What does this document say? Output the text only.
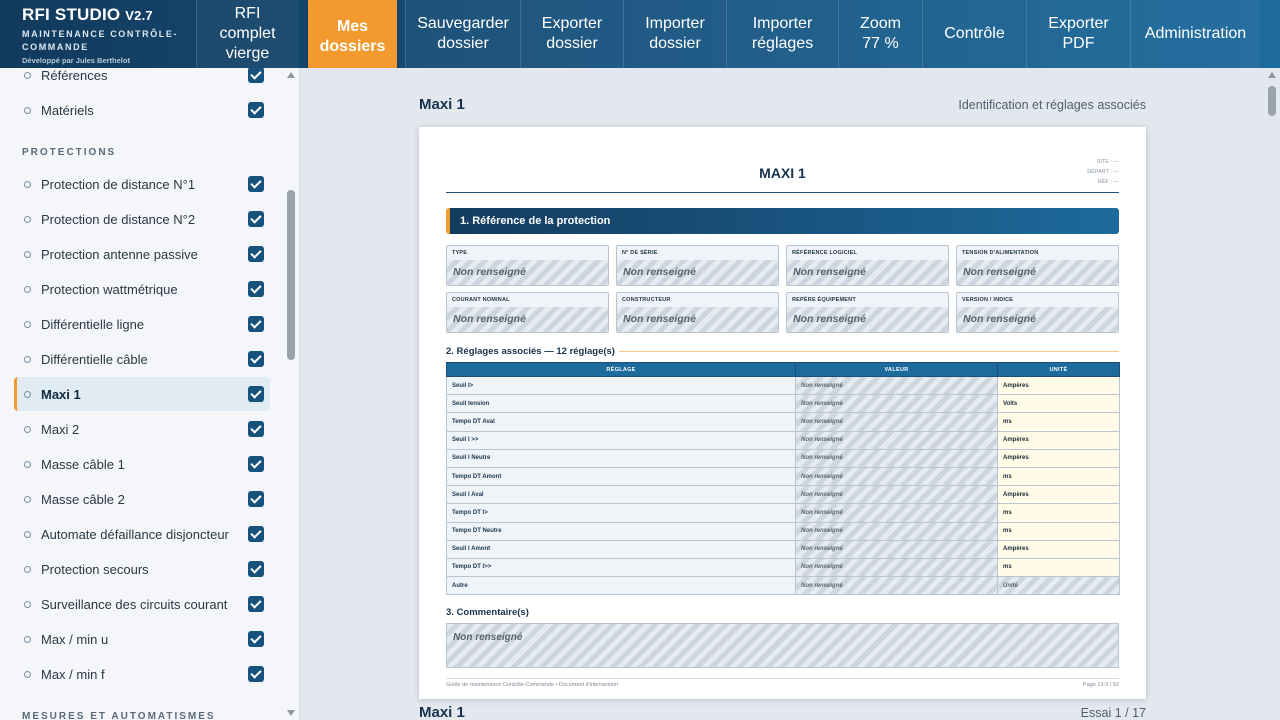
RFI STUDIO V2.7
MAINTENANCE CONTRÔLE-COMMANDE
Développé par Jules Berthelot
RFI
complet
vierge
Mes
dossiers
Sauvegarder
dossier
Exporter
dossier
Importer
dossier
Importer
réglages
Zoom
77 %
Contrôle
Exporter
PDF
Administration
Références
Matériels
PROTECTIONS
Protection de distance N°1
Protection de distance N°2
Protection antenne passive
Protection wattmétrique
Différentielle ligne
Différentielle câble
Maxi 1
Maxi 2
Masse câble 1
Masse câble 2
Automate défaillance disjoncteur
Protection secours
Surveillance des circuits courant
Max / min u
Max / min f
MESURES ET AUTOMATISMES
Maxi 1	Identification et réglages associés
MAXI 1
SITE : —
DÉPART : —
RÉF : —
1. Référence de la protection
TYPE
Non renseigné
N° DE SÉRIE
Non renseigné
RÉFÉRENCE LOGICIEL
Non renseigné
TENSION D'ALIMENTATION
Non renseigné
COURANT NOMINAL
Non renseigné
CONSTRUCTEUR
Non renseigné
REPÈRE ÉQUIPEMENT
Non renseigné
VERSION / INDICE
Non renseigné
2. Réglages associés — 12 réglage(s)
RÉGLAGE	VALEUR	UNITÉ
Seuil I>	Non renseigné	Ampères
Seuil tension	Non renseigné	Volts
Tempo DT Aval	Non renseigné	ms
Seuil I >>	Non renseigné	Ampères
Seuil I Neutre	Non renseigné	Ampères
Tempo DT Amont	Non renseigné	ms
Seuil I Aval	Non renseigné	Ampères
Tempo DT I>	Non renseigné	ms
Tempo DT Neutre	Non renseigné	ms
Seuil I Amont	Non renseigné	Ampères
Tempo DT I>>	Non renseigné	ms
Autre	Non renseigné	Unité
3. Commentaire(s)
Non renseigné
Guide de maintenance Contrôle-Commande • Document d'intervention	Page 13-II / 52
Maxi 1	Essai 1 / 17
